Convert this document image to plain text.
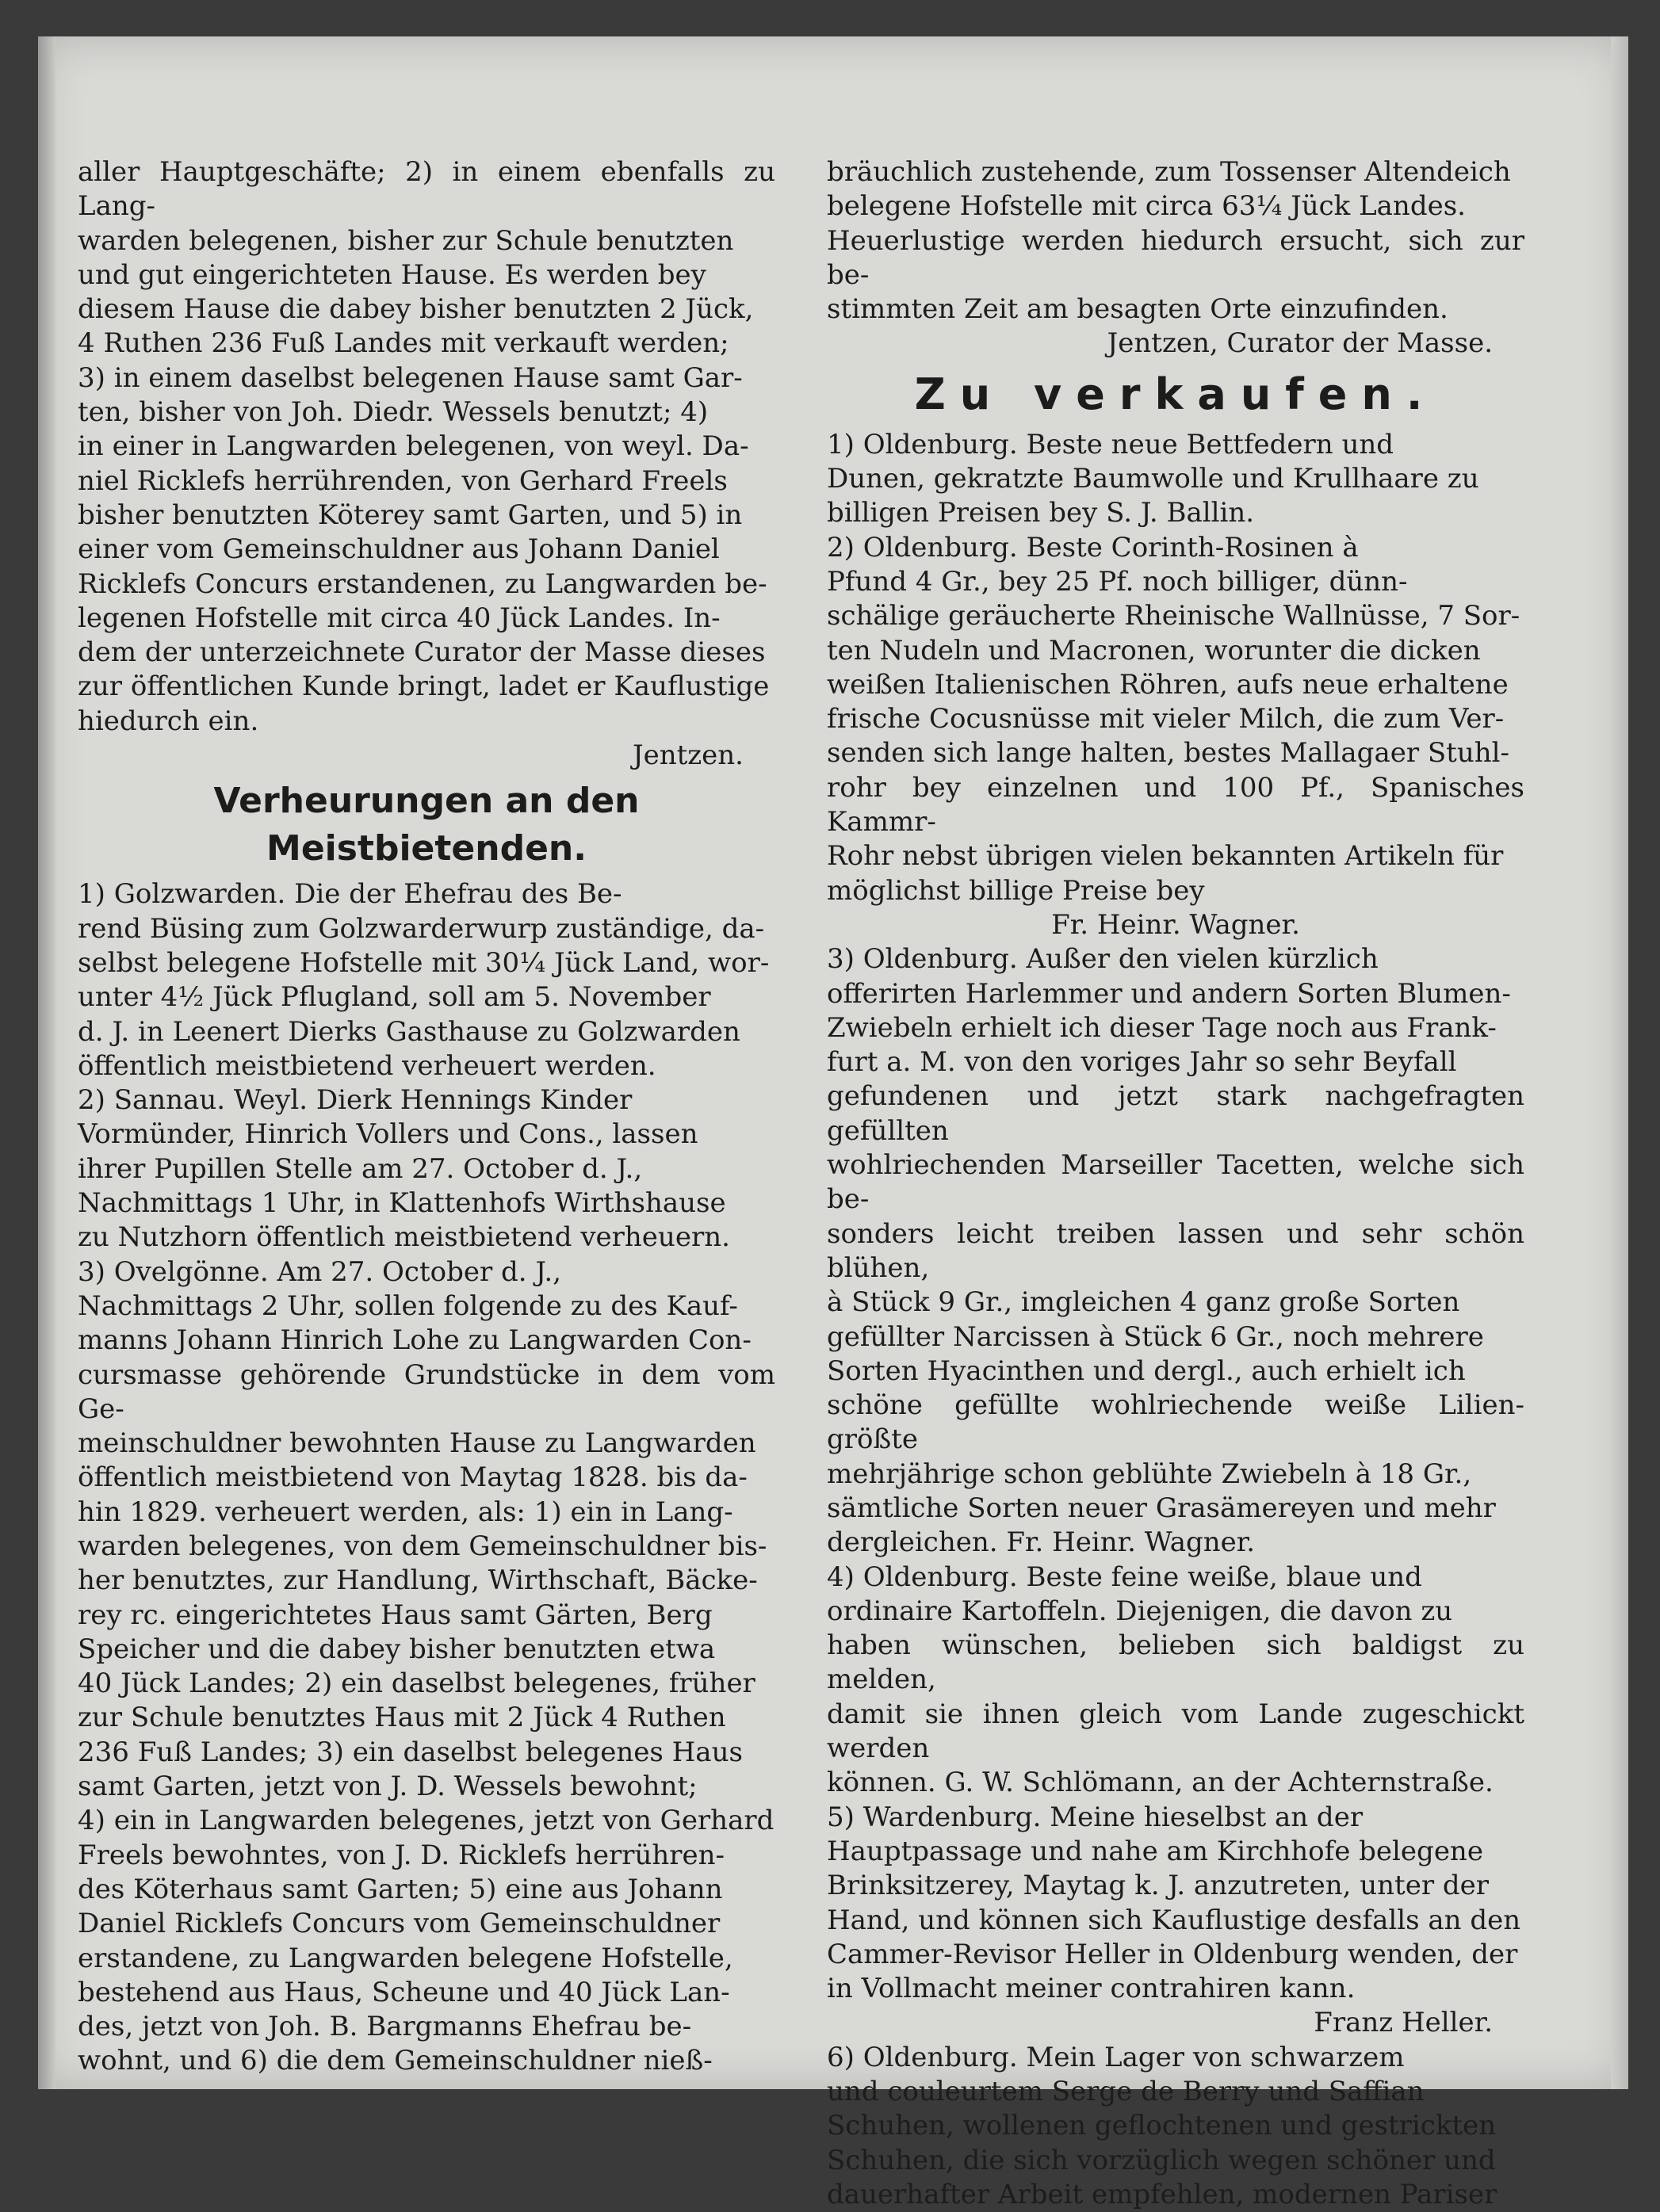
aller Hauptgeschäfte; 2) in einem ebenfalls zu Lang-
warden belegenen, bisher zur Schule benutzten
und gut eingerichteten Hause. Es werden bey
diesem Hause die dabey bisher benutzten 2 Jück,
4 Ruthen 236 Fuß Landes mit verkauft werden;
3) in einem daselbst belegenen Hause samt Gar-
ten, bisher von Joh. Diedr. Wessels benutzt; 4)
in einer in Langwarden belegenen, von weyl. Da-
niel Ricklefs herrührenden, von Gerhard Freels
bisher benutzten Köterey samt Garten, und 5) in
einer vom Gemeinschuldner aus Johann Daniel
Ricklefs Concurs erstandenen, zu Langwarden be-
legenen Hofstelle mit circa 40 Jück Landes. In-
dem der unterzeichnete Curator der Masse dieses
zur öffentlichen Kunde bringt, ladet er Kauflustige
hiedurch ein.

Jentzen.

Verheurungen an den Meistbietenden.

1) Golzwarden. Die der Ehefrau des Be-
rend Büsing zum Golzwarderwurp zuständige, da-
selbst belegene Hofstelle mit 30¼ Jück Land, wor-
unter 4½ Jück Pflugland, soll am 5. November
d. J. in Leenert Dierks Gasthause zu Golzwarden
öffentlich meistbietend verheuert werden.

2) Sannau. Weyl. Dierk Hennings Kinder
Vormünder, Hinrich Vollers und Cons., lassen
ihrer Pupillen Stelle am 27. October d. J.,
Nachmittags 1 Uhr, in Klattenhofs Wirthshause
zu Nutzhorn öffentlich meistbietend verheuern.

3) Ovelgönne. Am 27. October d. J.,
Nachmittags 2 Uhr, sollen folgende zu des Kauf-
manns Johann Hinrich Lohe zu Langwarden Con-
cursmasse gehörende Grundstücke in dem vom Ge-
meinschuldner bewohnten Hause zu Langwarden
öffentlich meistbietend von Maytag 1828. bis da-
hin 1829. verheuert werden, als: 1) ein in Lang-
warden belegenes, von dem Gemeinschuldner bis-
her benutztes, zur Handlung, Wirthschaft, Bäcke-
rey rc. eingerichtetes Haus samt Gärten, Berg
Speicher und die dabey bisher benutzten etwa
40 Jück Landes; 2) ein daselbst belegenes, früher
zur Schule benutztes Haus mit 2 Jück 4 Ruthen
236 Fuß Landes; 3) ein daselbst belegenes Haus
samt Garten, jetzt von J. D. Wessels bewohnt;
4) ein in Langwarden belegenes, jetzt von Gerhard
Freels bewohntes, von J. D. Ricklefs herrühren-
des Köterhaus samt Garten; 5) eine aus Johann
Daniel Ricklefs Concurs vom Gemeinschuldner
erstandene, zu Langwarden belegene Hofstelle,
bestehend aus Haus, Scheune und 40 Jück Lan-
des, jetzt von Joh. B. Bargmanns Ehefrau be-
wohnt, und 6) die dem Gemeinschuldner nieß-

bräuchlich zustehende, zum Tossenser Altendeich
belegene Hofstelle mit circa 63¼ Jück Landes.
Heuerlustige werden hiedurch ersucht, sich zur be-
stimmten Zeit am besagten Orte einzufinden.

Jentzen, Curator der Masse.

Zu verkaufen.

1) Oldenburg. Beste neue Bettfedern und
Dunen, gekratzte Baumwolle und Krullhaare zu
billigen Preisen bey S. J. Ballin.

2) Oldenburg. Beste Corinth-Rosinen à
Pfund 4 Gr., bey 25 Pf. noch billiger, dünn-
schälige geräucherte Rheinische Wallnüsse, 7 Sor-
ten Nudeln und Macronen, worunter die dicken
weißen Italienischen Röhren, aufs neue erhaltene
frische Cocusnüsse mit vieler Milch, die zum Ver-
senden sich lange halten, bestes Mallagaer Stuhl-
rohr bey einzelnen und 100 Pf., Spanisches Kammr-
Rohr nebst übrigen vielen bekannten Artikeln für
möglichst billige Preise bey

Fr. Heinr. Wagner.

3) Oldenburg. Außer den vielen kürzlich
offerirten Harlemmer und andern Sorten Blumen-
Zwiebeln erhielt ich dieser Tage noch aus Frank-
furt a. M. von den voriges Jahr so sehr Beyfall
gefundenen und jetzt stark nachgefragten gefüllten
wohlriechenden Marseiller Tacetten, welche sich be-
sonders leicht treiben lassen und sehr schön blühen,
à Stück 9 Gr., imgleichen 4 ganz große Sorten
gefüllter Narcissen à Stück 6 Gr., noch mehrere
Sorten Hyacinthen und dergl., auch erhielt ich
schöne gefüllte wohlriechende weiße Lilien- größte
mehrjährige schon geblühte Zwiebeln à 18 Gr.,
sämtliche Sorten neuer Grasämereyen und mehr
dergleichen. Fr. Heinr. Wagner.

4) Oldenburg. Beste feine weiße, blaue und
ordinaire Kartoffeln. Diejenigen, die davon zu
haben wünschen, belieben sich baldigst zu melden,
damit sie ihnen gleich vom Lande zugeschickt werden
können. G. W. Schlömann, an der Achternstraße.

5) Wardenburg. Meine hieselbst an der
Hauptpassage und nahe am Kirchhofe belegene
Brinksitzerey, Maytag k. J. anzutreten, unter der
Hand, und können sich Kauflustige desfalls an den
Cammer-Revisor Heller in Oldenburg wenden, der
in Vollmacht meiner contrahiren kann.

Franz Heller.

6) Oldenburg. Mein Lager von schwarzem
und couleurtem Serge de Berry und Saffian
Schuhen, wollenen geflochtenen und gestrickten
Schuhen, die sich vorzüglich wegen schöner und
dauerhafter Arbeit empfehlen, modernen Pariser
